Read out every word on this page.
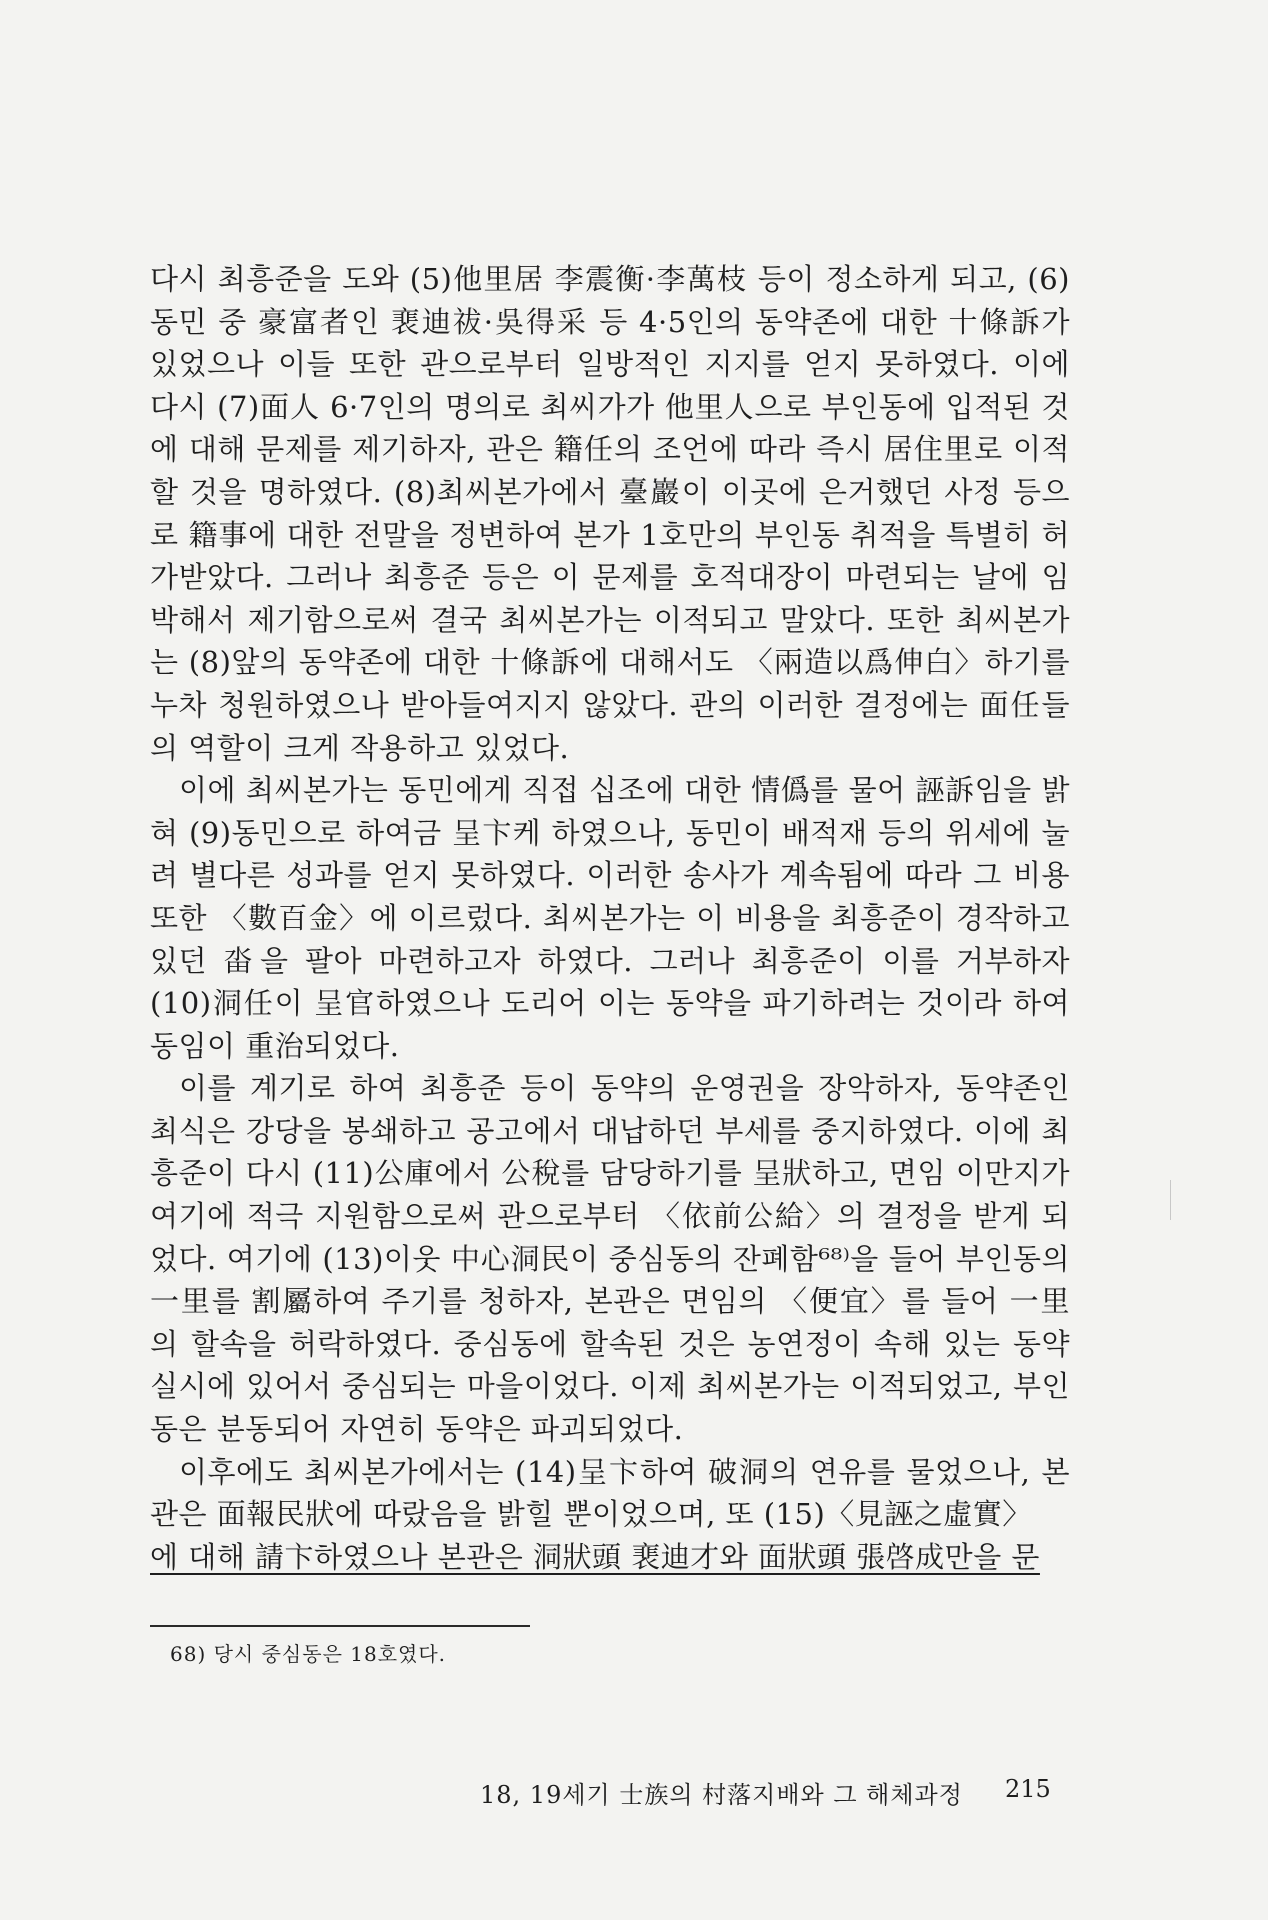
다시 최흥준을 도와 (5)他里居 李震衡·李萬枝 등이 정소하게 되고, (6)동민 중 豪富者인 裵迪祓·吳得采 등 4·5인의 동약존에 대한 十條訴가 있었으나 이들 또한 관으로부터 일방적인 지지를 얻지 못하였다. 이에 다시 (7)面人 6·7인의 명의로 최씨가가 他里人으로 부인동에 입적된 것에 대해 문제를 제기하자, 관은 籍任의 조언에 따라 즉시 居住里로 이적할 것을 명하였다. (8)최씨본가에서 臺巖이 이곳에 은거했던 사정 등으로 籍事에 대한 전말을 정변하여 본가 1호만의 부인동 취적을 특별히 허가받았다. 그러나 최흥준 등은 이 문제를 호적대장이 마련되는 날에 임박해서 제기함으로써 결국 최씨본가는 이적되고 말았다. 또한 최씨본가는 (8)앞의 동약존에 대한 十條訴에 대해서도 〈兩造以爲伸白〉하기를 누차 청원하였으나 받아들여지지 않았다. 관의 이러한 결정에는 面任들의 역할이 크게 작용하고 있었다.

이에 최씨본가는 동민에게 직접 십조에 대한 情僞를 물어 誣訴임을 밝혀 (9)동민으로 하여금 呈卞케 하였으나, 동민이 배적재 등의 위세에 눌려 별다른 성과를 얻지 못하였다. 이러한 송사가 계속됨에 따라 그 비용 또한 〈數百金〉에 이르렀다. 최씨본가는 이 비용을 최흥준이 경작하고 있던 畓을 팔아 마련하고자 하였다. 그러나 최흥준이 이를 거부하자 (10)洞任이 呈官하였으나 도리어 이는 동약을 파기하려는 것이라 하여 동임이 重治되었다.

이를 계기로 하여 최흥준 등이 동약의 운영권을 장악하자, 동약존인 최식은 강당을 봉쇄하고 공고에서 대납하던 부세를 중지하였다. 이에 최흥준이 다시 (11)公庫에서 公稅를 담당하기를 呈狀하고, 면임 이만지가 여기에 적극 지원함으로써 관으로부터 〈依前公給〉의 결정을 받게 되었다. 여기에 (13)이웃 中心洞民이 중심동의 잔폐함⁶⁸⁾을 들어 부인동의 一里를 割屬하여 주기를 청하자, 본관은 면임의 〈便宜〉를 들어 一里의 할속을 허락하였다. 중심동에 할속된 것은 농연정이 속해 있는 동약 실시에 있어서 중심되는 마을이었다. 이제 최씨본가는 이적되었고, 부인동은 분동되어 자연히 동약은 파괴되었다.

이후에도 최씨본가에서는 (14)呈卞하여 破洞의 연유를 물었으나, 본관은 面報民狀에 따랐음을 밝힐 뿐이었으며, 또 (15)〈見誣之虛實〉

에 대해 請卞하였으나 본관은 洞狀頭 裵迪才와 面狀頭 張啓成만을 문

68) 당시 중심동은 18호였다.
18, 19세기 士族의 村落지배와 그 해체과정 215
